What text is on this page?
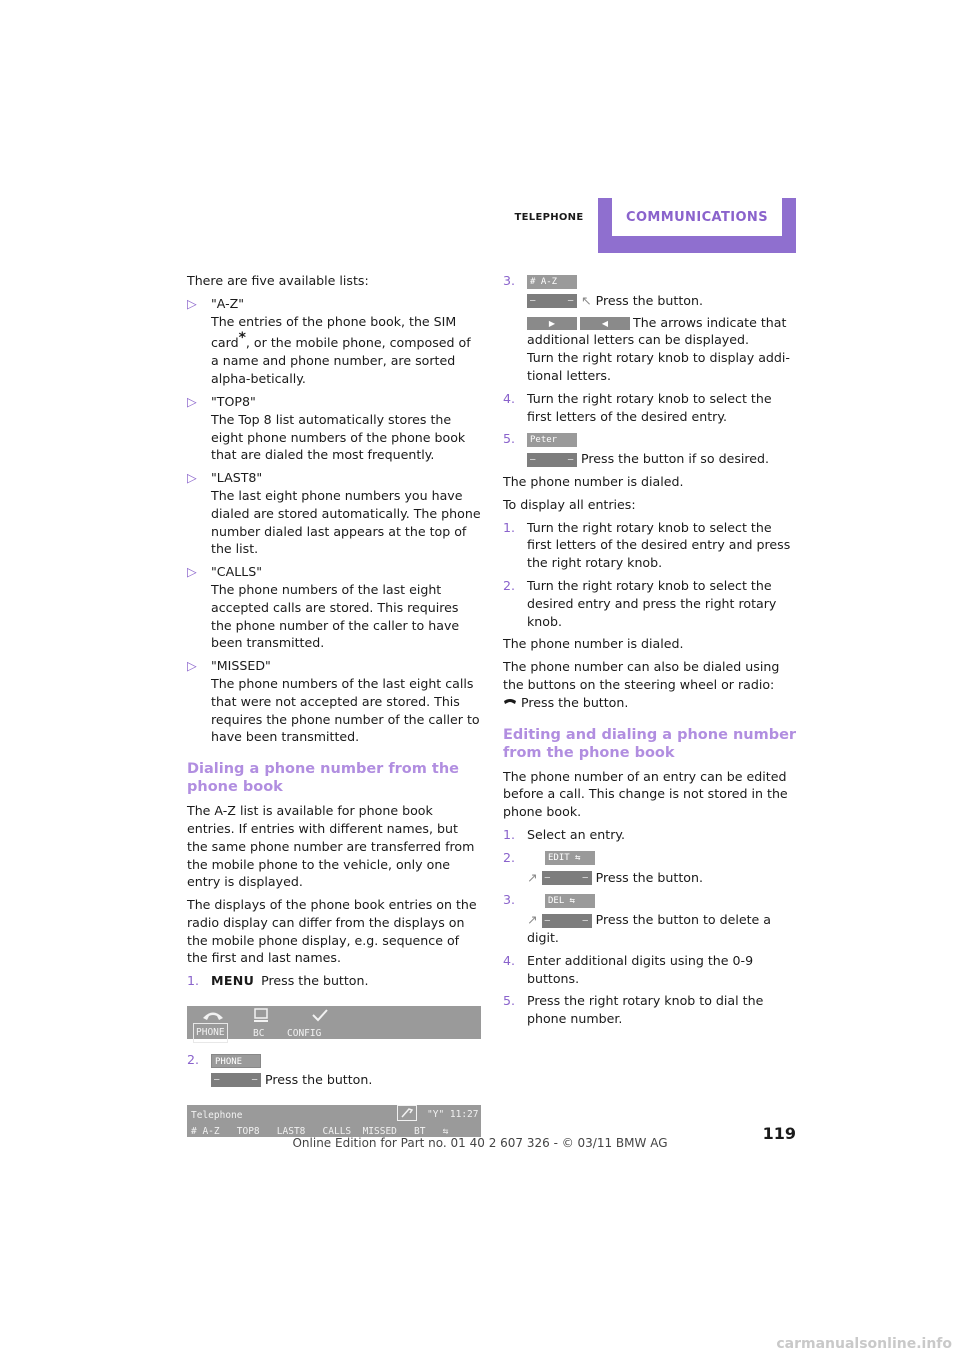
TELEPHONE	COMMUNICATIONS

There are five available lists:

▷ "A-Z"
The entries of the phone book, the SIM card*, or the mobile phone, composed of a name and phone number, are sorted alpha-betically.
▷ "TOP8"
The Top 8 list automatically stores the eight phone numbers of the phone book that are dialed the most frequently.
▷ "LAST8"
The last eight phone numbers you have dialed are stored automatically. The phone number dialed last appears at the top of the list.
▷ "CALLS"
The phone numbers of the last eight accepted calls are stored. This requires the phone number of the caller to have been transmitted.
▷ "MISSED"
The phone numbers of the last eight calls that were not accepted are stored. This requires the phone number of the caller to have been transmitted.
Dialing a phone number from the phone book

The A-Z list is available for phone book entries. If entries with different names, but the same phone number are transferred from the mobile phone to the vehicle, only one entry is displayed.

The displays of the phone book entries on the radio display can differ from the displays on the mobile phone display, e.g. sequence of the first and last names.

1. MENU Press the button.
PHONE	BC CONFIG
2. PHONE
–      – Press the button.
Telephone	"Y" 11:27
# A-Z   TOP8   LAST8   CALLS  MISSED   BT   ⇆
3. # A-Z
–      – ↖ Press the button.
▶	◀ The arrows indicate that additional letters can be displayed.
Turn the right rotary knob to display addi-tional letters.
4. Turn the right rotary knob to select the first letters of the desired entry.
5. Peter
–      – Press the button if so desired.

The phone number is dialed.

To display all entries:

1. Turn the right rotary knob to select the first letters of the desired entry and press the right rotary knob.
2. Turn the right rotary knob to select the desired entry and press the right rotary knob.

The phone number is dialed.

The phone number can also be dialed using the buttons on the steering wheel or radio:

Press the button.

Editing and dialing a phone number from the phone book

The phone number of an entry can be edited before a call. This change is not stored in the phone book.

1. Select an entry.
2.	EDIT ⇆
↗ –      – Press the button.
3.	DEL ⇆
↗ –      – Press the button to delete a digit.
4. Enter additional digits using the 0-9 buttons.
5. Press the right rotary knob to dial the phone number.
119
Online Edition for Part no. 01 40 2 607 326 - © 03/11 BMW AG
carmanualsonline.info
